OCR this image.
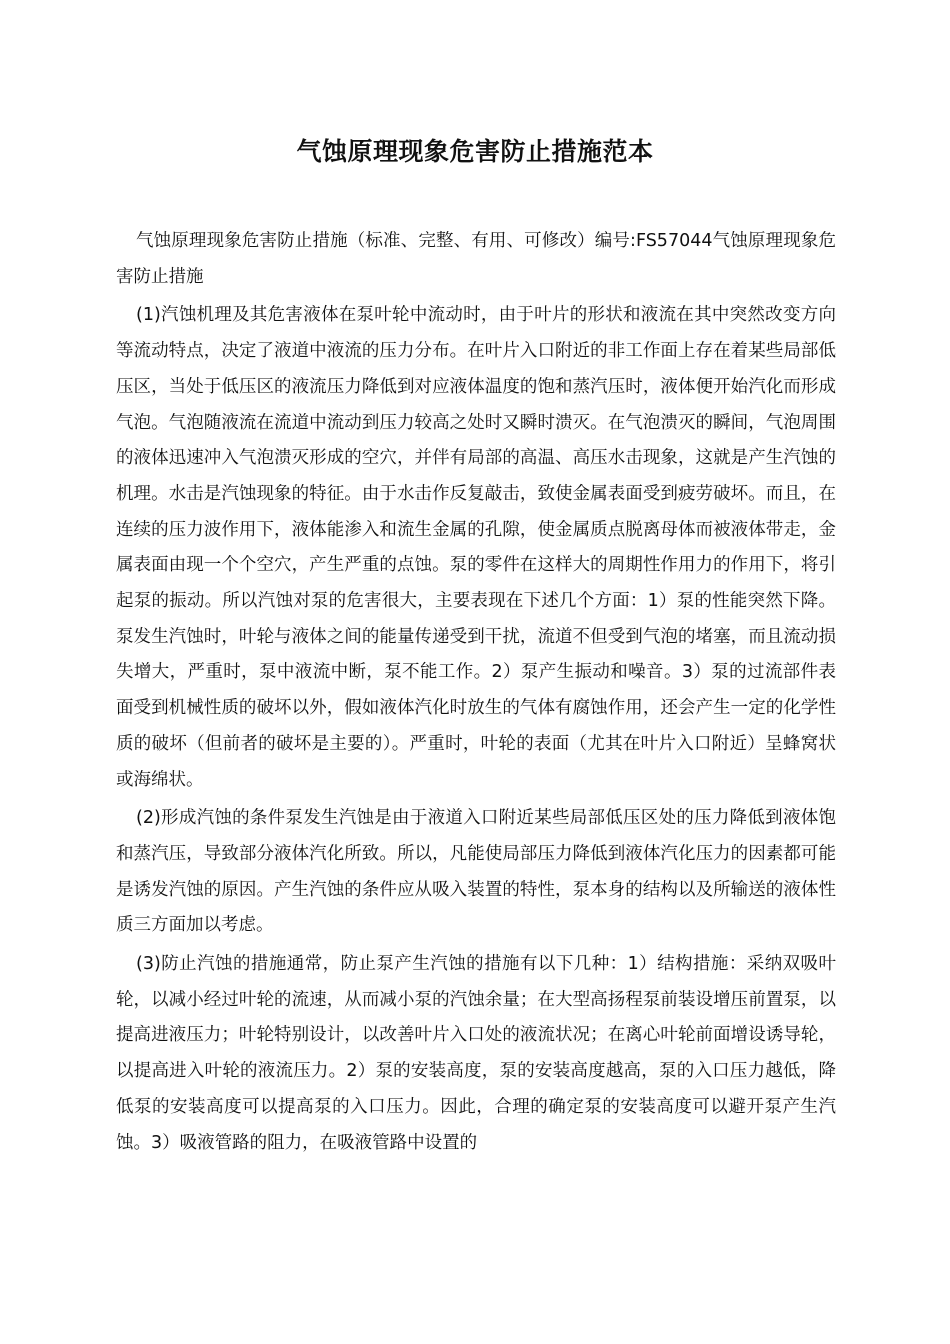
气蚀原理现象危害防止措施范本

气蚀原理现象危害防止措施（标准、完整、有用、可修改）编号:FS57044气蚀原理现象危害防止措施

(1)汽蚀机理及其危害液体在泵叶轮中流动时，由于叶片的形状和液流在其中突然改变方向等流动特点，决定了液道中液流的压力分布。在叶片入口附近的非工作面上存在着某些局部低压区，当处于低压区的液流压力降低到对应液体温度的饱和蒸汽压时，液体便开始汽化而形成气泡。气泡随液流在流道中流动到压力较高之处时又瞬时溃灭。在气泡溃灭的瞬间，气泡周围的液体迅速冲入气泡溃灭形成的空穴，并伴有局部的高温、高压水击现象，这就是产生汽蚀的机理。水击是汽蚀现象的特征。由于水击作反复敲击，致使金属表面受到疲劳破坏。而且，在连续的压力波作用下，液体能渗入和流生金属的孔隙，使金属质点脱离母体而被液体带走，金属表面由现一个个空穴，产生严重的点蚀。泵的零件在这样大的周期性作用力的作用下，将引起泵的振动。所以汽蚀对泵的危害很大，主要表现在下述几个方面：1）泵的性能突然下降。泵发生汽蚀时，叶轮与液体之间的能量传递受到干扰，流道不但受到气泡的堵塞，而且流动损失增大，严重时，泵中液流中断，泵不能工作。2）泵产生振动和噪音。3）泵的过流部件表面受到机械性质的破坏以外，假如液体汽化时放生的气体有腐蚀作用，还会产生一定的化学性质的破坏（但前者的破坏是主要的）。严重时，叶轮的表面（尤其在叶片入口附近）呈蜂窝状或海绵状。

(2)形成汽蚀的条件泵发生汽蚀是由于液道入口附近某些局部低压区处的压力降低到液体饱和蒸汽压，导致部分液体汽化所致。所以，凡能使局部压力降低到液体汽化压力的因素都可能是诱发汽蚀的原因。产生汽蚀的条件应从吸入装置的特性，泵本身的结构以及所输送的液体性质三方面加以考虑。

(3)防止汽蚀的措施通常，防止泵产生汽蚀的措施有以下几种：1）结构措施：采纳双吸叶轮，以减小经过叶轮的流速，从而减小泵的汽蚀余量；在大型高扬程泵前装设增压前置泵，以提高进液压力；叶轮特别设计，以改善叶片入口处的液流状况；在离心叶轮前面增设诱导轮，以提高进入叶轮的液流压力。2）泵的安装高度，泵的安装高度越高，泵的入口压力越低，降低泵的安装高度可以提高泵的入口压力。因此，合理的确定泵的安装高度可以避开泵产生汽蚀。3）吸液管路的阻力，在吸液管路中设置的
